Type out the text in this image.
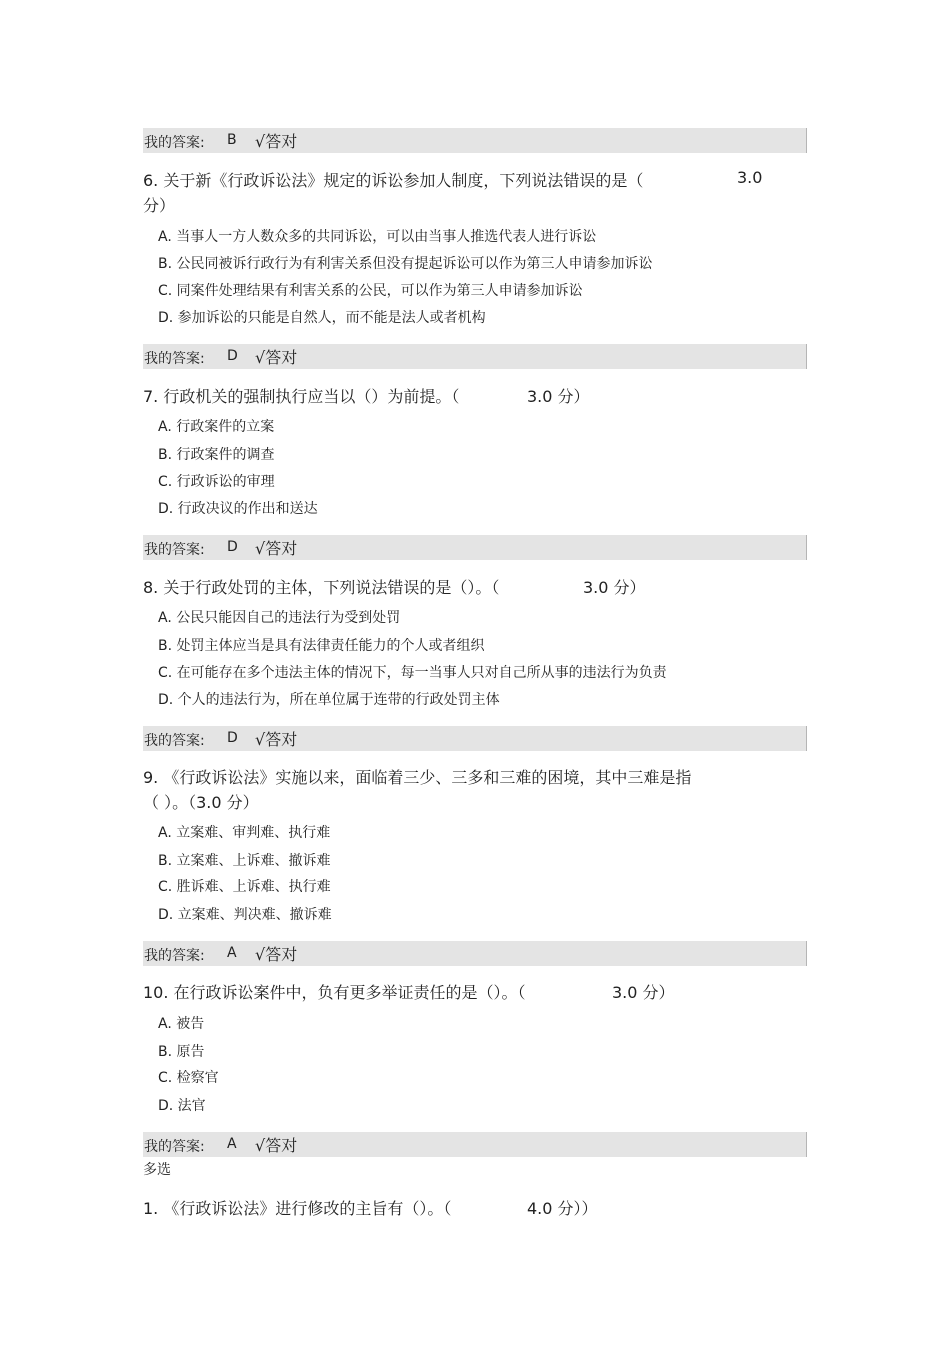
我的答案: B √答对
6. 关于新《行政诉讼法》规定的诉讼参加人制度，下列说法错误的是（	3.0
分）
A. 当事人一方人数众多的共同诉讼，可以由当事人推选代表人进行诉讼
B. 公民同被诉行政行为有利害关系但没有提起诉讼可以作为第三人申请参加诉讼
C. 同案件处理结果有利害关系的公民，可以作为第三人申请参加诉讼
D. 参加诉讼的只能是自然人，而不能是法人或者机构
我的答案: D √答对
7. 行政机关的强制执行应当以（）为前提。（	3.0 分）
A. 行政案件的立案
B. 行政案件的调查
C. 行政诉讼的审理
D. 行政决议的作出和送达
我的答案: D √答对
8. 关于行政处罚的主体，下列说法错误的是（）。（	3.0 分）
A. 公民只能因自己的违法行为受到处罚
B. 处罚主体应当是具有法律责任能力的个人或者组织
C. 在可能存在多个违法主体的情况下，每一当事人只对自己所从事的违法行为负责
D. 个人的违法行为，所在单位属于连带的行政处罚主体
我的答案: D √答对
9. 《行政诉讼法》实施以来，面临着三少、三多和三难的困境，其中三难是指
（ ）。（3.0 分）
A. 立案难、审判难、执行难
B. 立案难、上诉难、撤诉难
C. 胜诉难、上诉难、执行难
D. 立案难、判决难、撤诉难
我的答案: A √答对
10. 在行政诉讼案件中，负有更多举证责任的是（）。（	3.0 分）
A. 被告
B. 原告
C. 检察官
D. 法官
我的答案: A √答对
多选
1. 《行政诉讼法》进行修改的主旨有（）。（	4.0 分））
